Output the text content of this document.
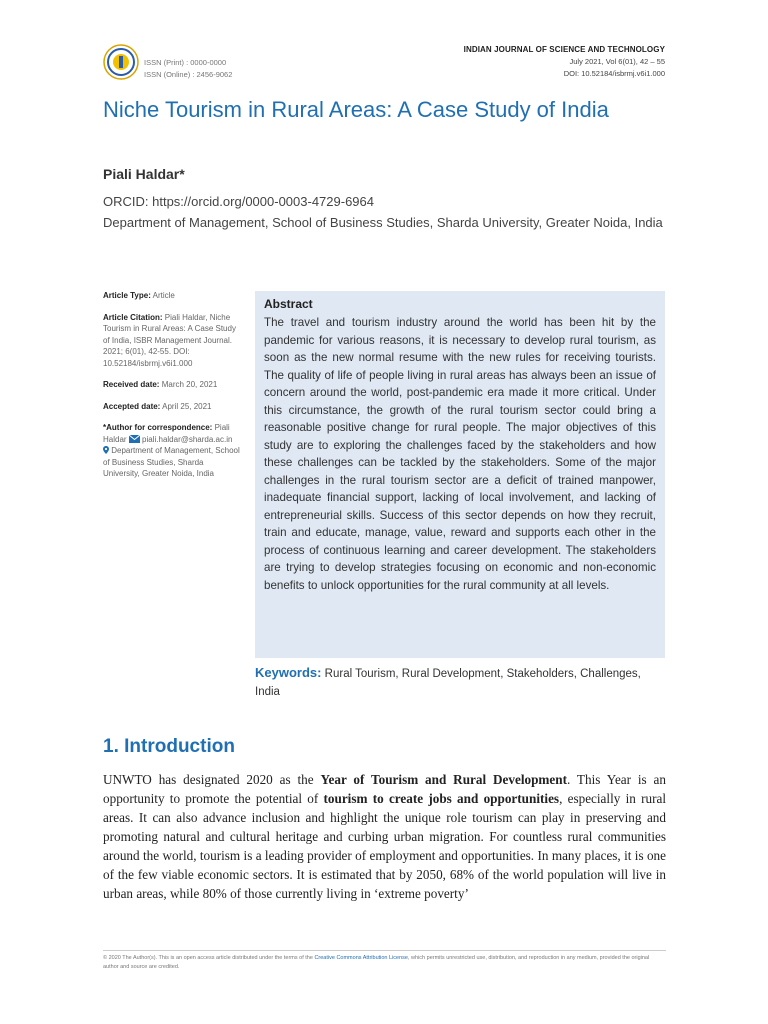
ISSN (Print) : 0000-0000
ISSN (Online) : 2456-9062
INDIAN JOURNAL OF SCIENCE AND TECHNOLOGY
July 2021, Vol 6(01), 42 – 55
DOI: 10.52184/isbrmj.v6i1.000
Niche Tourism in Rural Areas: A Case Study of India
Piali Haldar*
ORCID: https://orcid.org/0000-0003-4729-6964
Department of Management, School of Business Studies, Sharda University, Greater Noida, India
Article Type: Article
Article Citation: Piali Haldar, Niche Tourism in Rural Areas: A Case Study of India, ISBR Management Journal. 2021; 6(01), 42-55. DOI: 10.52184/isbrmj.v6i1.000
Received date: March 20, 2021
Accepted date: April 25, 2021
*Author for correspondence: Piali Haldar piali.haldar@sharda.ac.in
Department of Management, School of Business Studies, Sharda University, Greater Noida, India
Abstract
The travel and tourism industry around the world has been hit by the pandemic for various reasons, it is necessary to develop rural tourism, as soon as the new normal resume with the new rules for receiving tourists. The quality of life of people living in rural areas has always been an issue of concern around the world, post-pandemic era made it more critical. Under this circumstance, the growth of the rural tourism sector could bring a reasonable positive change for rural people. The major objectives of this study are to exploring the challenges faced by the stakeholders and how these challenges can be tackled by the stakeholders. Some of the major challenges in the rural tourism sector are a deficit of trained manpower, inadequate financial support, lacking of local involvement, and lacking of entrepreneurial skills. Success of this sector depends on how they recruit, train and educate, manage, value, reward and supports each other in the process of continuous learning and career development. The stakeholders are trying to develop strategies focusing on economic and non-economic benefits to unlock opportunities for the rural community at all levels.
Keywords: Rural Tourism, Rural Development, Stakeholders, Challenges, India
1. Introduction
UNWTO has designated 2020 as the Year of Tourism and Rural Development. This Year is an opportunity to promote the potential of tourism to create jobs and opportunities, especially in rural areas. It can also advance inclusion and highlight the unique role tourism can play in preserving and promoting natural and cultural heritage and curbing urban migration. For countless rural communities around the world, tourism is a leading provider of employment and opportunities. In many places, it is one of the few viable economic sectors. It is estimated that by 2050, 68% of the world population will live in urban areas, while 80% of those currently living in ‘extreme poverty’
© 2020 The Author(s). This is an open access article distributed under the terms of the Creative Commons Attribution License, which permits unrestricted use, distribution, and reproduction in any medium, provided the original author and source are credited.
